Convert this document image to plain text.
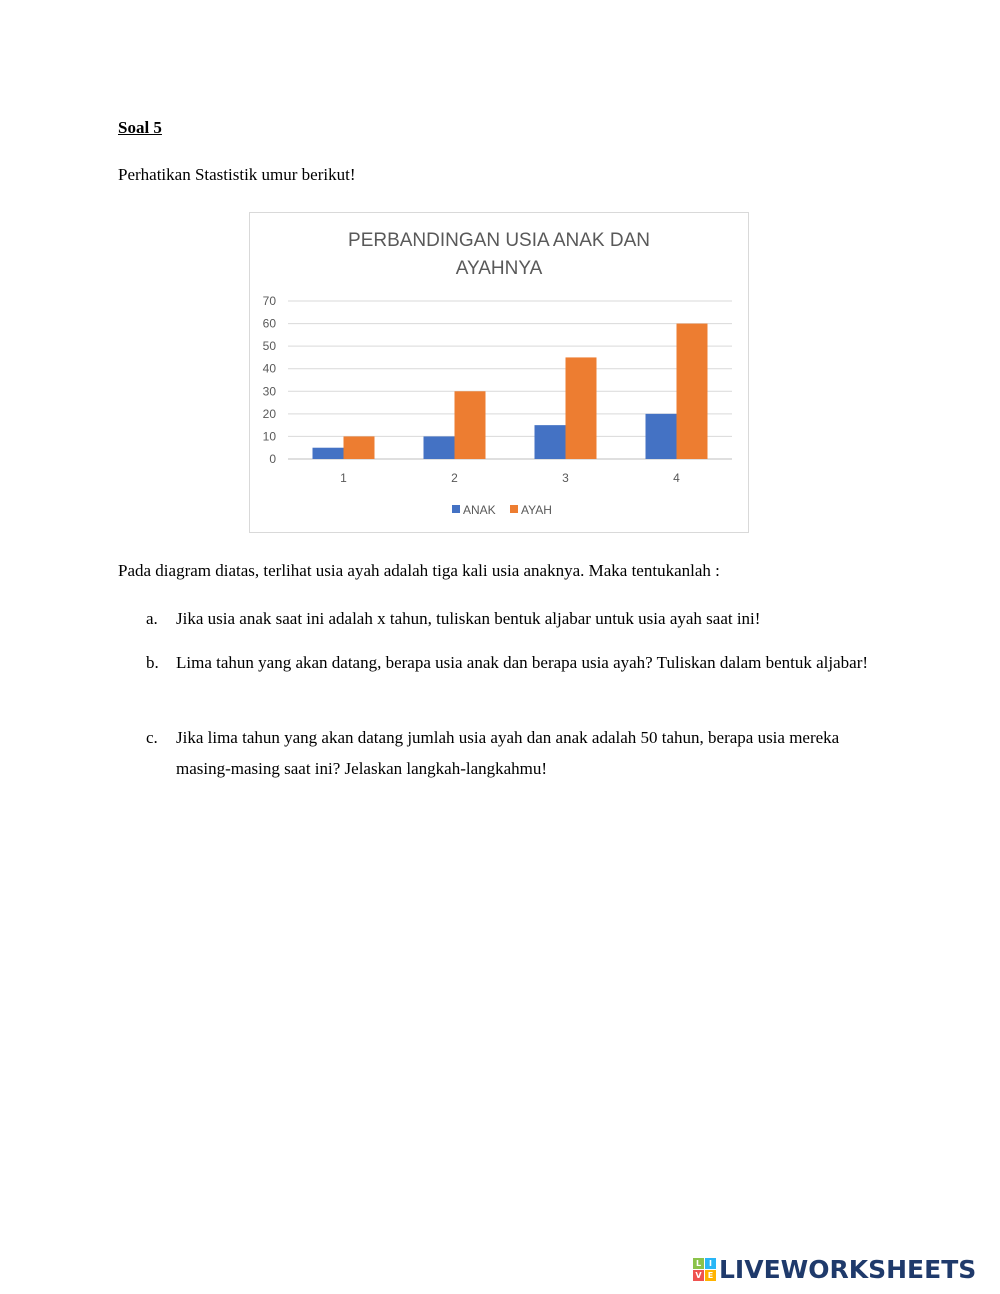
Soal 5
Perhatikan Stastistik umur berikut!
PERBANDINGAN USIA ANAK DAN
AYAHNYA
0
10
20
30
40
50
60
70
1	2	3	4
ANAK AYAH
Pada diagram diatas, terlihat usia ayah adalah tiga kali usia anaknya. Maka tentukanlah :
a.	Jika usia anak saat ini adalah x tahun, tuliskan bentuk aljabar untuk usia ayah saat ini!
b.	Lima tahun yang akan datang, berapa usia anak dan berapa usia ayah? Tuliskan dalam bentuk aljabar!
c.	Jika lima tahun yang akan datang jumlah usia ayah dan anak adalah 50 tahun, berapa usia mereka masing-masing saat ini? Jelaskan langkah-langkahmu!
L I
V E LIVEWORKSHEETS
